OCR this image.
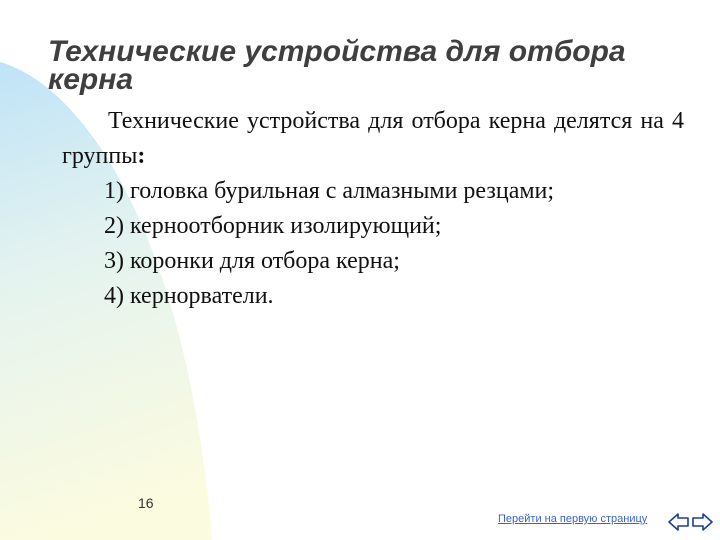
Технические устройства для отбора керна

Технические устройства для отбора керна делятся на 4 группы:

1) головка бурильная с алмазными резцами;
2) керноотборник изолирующий;
3) коронки для отбора керна;
4) кернорватели.
16
Перейти на первую страницу
